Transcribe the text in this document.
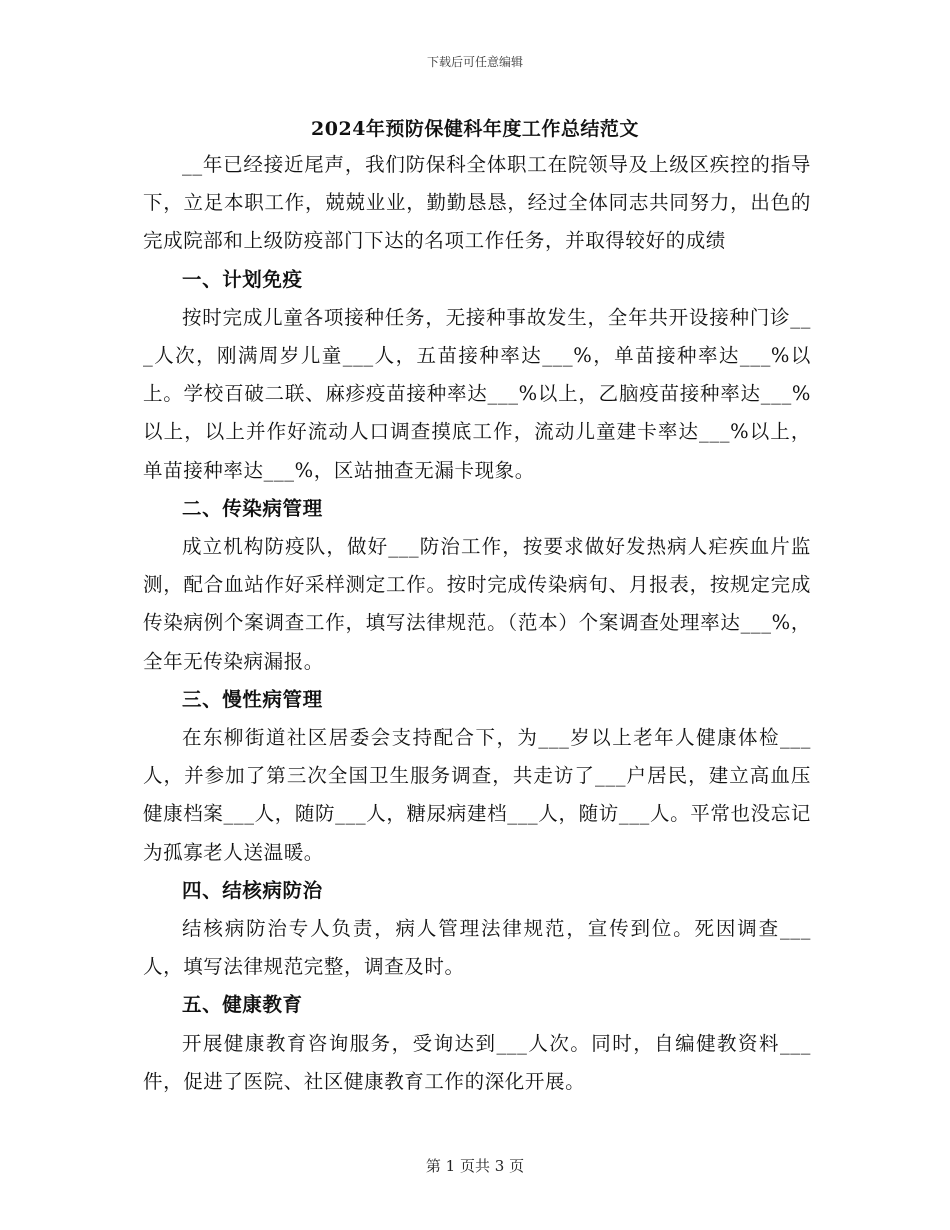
下载后可任意编辑
2024年预防保健科年度工作总结范文

__年已经接近尾声，我们防保科全体职工在院领导及上级区疾控的指导下，立足本职工作，兢兢业业，勤勤恳恳，经过全体同志共同努力，出色的完成院部和上级防疫部门下达的名项工作任务，并取得较好的成绩

一、计划免疫

按时完成儿童各项接种任务，无接种事故发生，全年共开设接种门诊___人次，刚满周岁儿童___人，五苗接种率达___%，单苗接种率达___%以上。学校百破二联、麻疹疫苗接种率达___%以上，乙脑疫苗接种率达___%以上，以上并作好流动人口调查摸底工作，流动儿童建卡率达___%以上，单苗接种率达___%，区站抽查无漏卡现象。

二、传染病管理

成立机构防疫队，做好___防治工作，按要求做好发热病人疟疾血片监测，配合血站作好采样测定工作。按时完成传染病旬、月报表，按规定完成传染病例个案调查工作，填写法律规范。（范本）个案调查处理率达___%，全年无传染病漏报。

三、慢性病管理

在东柳街道社区居委会支持配合下，为___岁以上老年人健康体检___人，并参加了第三次全国卫生服务调查，共走访了___户居民，建立高血压健康档案___人，随防___人，糖尿病建档___人，随访___人。平常也没忘记为孤寡老人送温暖。

四、结核病防治

结核病防治专人负责，病人管理法律规范，宣传到位。死因调查___人，填写法律规范完整，调查及时。

五、健康教育

开展健康教育咨询服务，受询达到___人次。同时，自编健教资料___件，促进了医院、社区健康教育工作的深化开展。

第 1 页共 3 页
